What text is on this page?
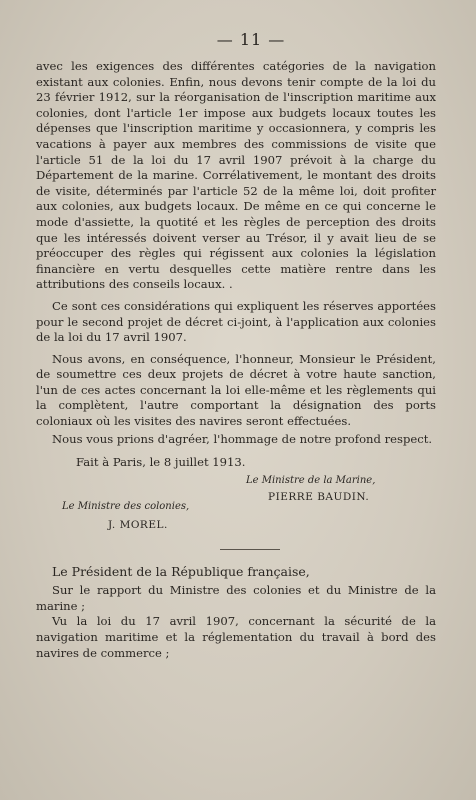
— 11 —

avec les exigences des différentes catégories de la navigation existant aux colonies. Enfin, nous devons tenir compte de la loi du 23 février 1912, sur la réorganisation de l'inscription maritime aux colonies, dont l'article 1er impose aux budgets locaux toutes les dépenses que l'inscription maritime y occasionnera, y compris les vacations à payer aux membres des commissions de visite que l'article 51 de la loi du 17 avril 1907 prévoit à la charge du Département de la marine. Corrélativement, le montant des droits de visite, déterminés par l'article 52 de la même loi, doit profiter aux colonies, aux budgets locaux. De même en ce qui concerne le mode d'assiette, la quotité et les règles de perception des droits que les intéressés doivent verser au Trésor, il y avait lieu de se préoccuper des règles qui régissent aux colonies la législation financière en vertu desquelles cette matière rentre dans les attributions des conseils locaux. .

Ce sont ces considérations qui expliquent les réserves apportées pour le second projet de décret ci-joint, à l'application aux colonies de la loi du 17 avril 1907.

Nous avons, en conséquence, l'honneur, Monsieur le Président, de soumettre ces deux projets de décret à votre haute sanction, l'un de ces actes concernant la loi elle-même et les règlements qui la complètent, l'autre comportant la désignation des ports coloniaux où les visites des navires seront effectuées.

Nous vous prions d'agréer, l'hommage de notre profond respect.

Fait à Paris, le 8 juillet 1913.
Le Ministre de la Marine,
PIERRE BAUDIN.
Le Ministre des colonies,
J. MOREL.

Le Président de la République française,

Sur le rapport du Ministre des colonies et du Ministre de la marine ;

Vu la loi du 17 avril 1907, concernant la sécurité de la navigation maritime et la réglementation du travail à bord des navires de commerce ;
